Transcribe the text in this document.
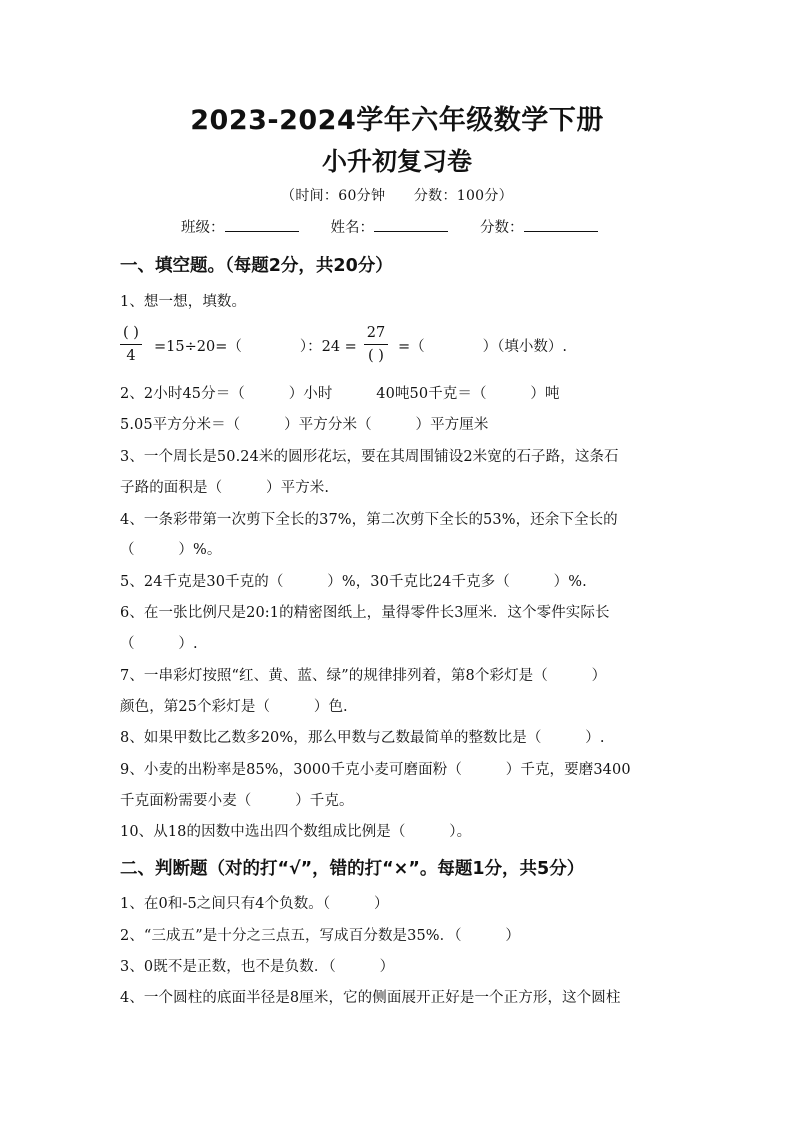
2023-2024学年六年级数学下册
小升初复习卷
（时间：60分钟　　分数：100分）
班级：	姓名：	分数：
一、填空题。（每题2分，共20分）
1、想一想，填数。
( )
4
=15÷20=（　　　　）：24 =
27
( )
=（　　　　）（填小数）.
2、2小时45分＝（　　　）小时　　　40吨50千克＝（　　　）吨
5.05平方分米＝（　　　）平方分米（　　　）平方厘米
3、一个周长是50.24米的圆形花坛，要在其周围铺设2米宽的石子路，这条石
子路的面积是（　　　）平方米.
4、一条彩带第一次剪下全长的37%，第二次剪下全长的53%，还余下全长的
（　　　）%。
5、24千克是30千克的（　　　）%，30千克比24千克多（　　　）%.
6、在一张比例尺是20:1的精密图纸上，量得零件长3厘米．这个零件实际长
（　　　）.
7、一串彩灯按照“红、黄、蓝、绿”的规律排列着，第8个彩灯是（　　　）
颜色，第25个彩灯是（　　　）色.
8、如果甲数比乙数多20%，那么甲数与乙数最简单的整数比是（　　　）.
9、小麦的出粉率是85%，3000千克小麦可磨面粉（　　　）千克，要磨3400
千克面粉需要小麦（　　　）千克。
10、从18的因数中选出四个数组成比例是（　　　）。
二、判断题（对的打“√”，错的打“×”。每题1分，共5分）
1、在0和-5之间只有4个负数。（　　　）
2、“三成五”是十分之三点五，写成百分数是35%．（　　　）
3、0既不是正数，也不是负数．（　　　）
4、一个圆柱的底面半径是8厘米，它的侧面展开正好是一个正方形，这个圆柱
